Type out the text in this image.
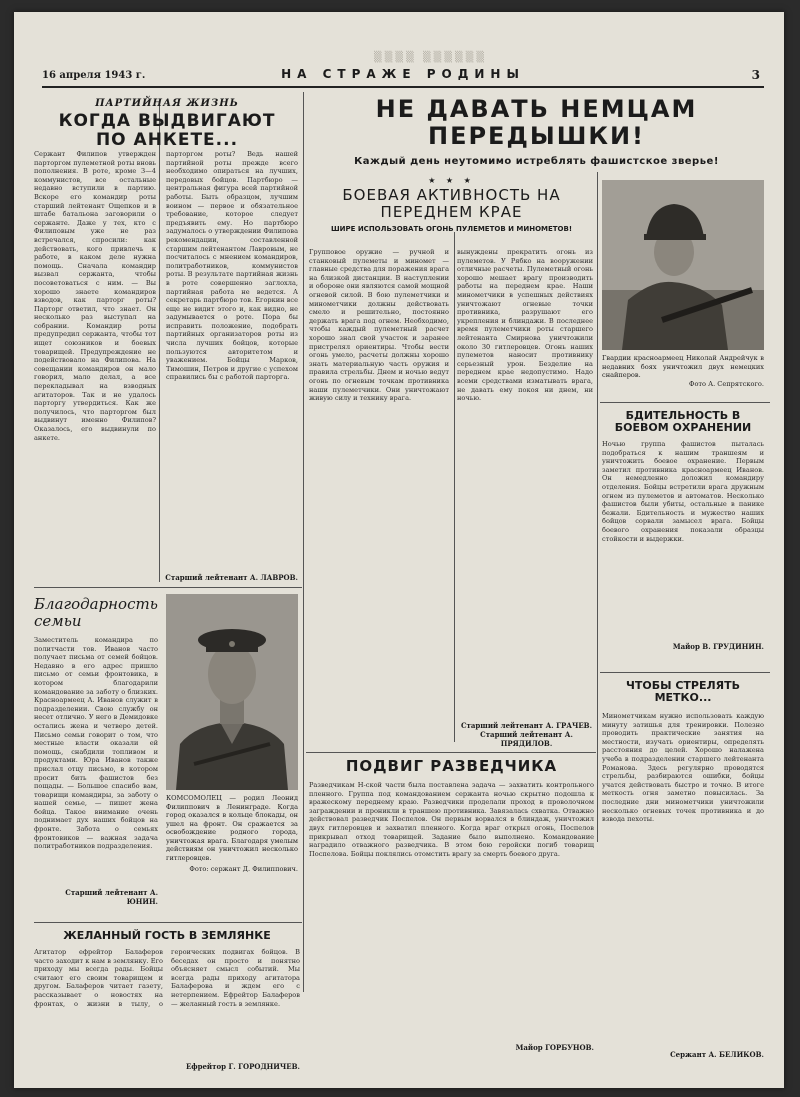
▒▒▒▒ ▒▒▒▒▒▒
16 апреля 1943 г.	НА СТРАЖЕ РОДИНЫ	3
ПАРТИЙНАЯ ЖИЗНЬ
КОГДА ВЫДВИГАЮТ ПО АНКЕТЕ...
Сержант Филипов утвержден парторгом пулеметной роты вновь пополнения. В роте, кроме 3—4 коммунистов, все остальные недавно вступили в партию. Вскоре его командир роты старший лейтенант Ощепков и в штабе батальона заговорили о сержанте. Даже у тех, кто с Филиповым уже не раз встречался, спросили: как действовать, кого привлечь к работе, в каком деле нужна помощь. Сначала командир вызвал сержанта, чтобы посоветоваться с ним. — Вы хорошо знаете командиров взводов, как парторг роты? Парторг ответил, что знает. Он несколько раз выступал на собрании. Командир роты предупредил сержанта, чтобы тот ищет союзников и боевых товарищей. Предупреждение не подействовало на Филипова. На совещании командиров он мало говорил, мало делал, а все перекладывал на взводных агитаторов. Так и не удалось парторгу утвердиться. Как же получилось, что парторгом был выдвинут именно Филипов? Оказалось, его выдвинули по анкете.
парторгом роты? Ведь нашей партийной роты прежде всего необходимо опираться на лучших, передовых бойцов. Партбюро — центральная фигура всей партийной работы. Быть образцом, лучшим воином — первое и обязательное требование, которое следует предъявить ему. Но партбюро задумалось о утверждении Филипова рекомендации, составленной старшим лейтенантом Лавровым, не посчиталось с мнением командиров, политработников, коммунистов роты. В результате партийная жизнь в роте совершенно заглохла, партийная работа не ведется. А секретарь партбюро тов. Егоркин все еще не видит этого и, как видно, не задумывается о роте. Пора бы исправить положение, подобрать партийных организаторов роты из числа лучших бойцов, которые пользуются авторитетом и уважением. Бойцы Марков, Тимошин, Петров и другие с успехом справились бы с работой парторга.
Старший лейтенант А. ЛАВРОВ.
Благодарность семьи
Заместитель командира по политчасти тов. Иванов часто получает письма от семей бойцов. Недавно в его адрес пришло письмо от семьи фронтовика, в котором благодарили командование за заботу о близких. Красноармеец А. Иванов служит в подразделении. Свою службу он несет отлично. У него в Демидовке остались жена и четверо детей. Письмо семьи говорит о том, что местные власти оказали ей помощь, снабдили топливом и продуктами. Юра Иванов также прислал отцу письмо, в котором просит бить фашистов без пощады. — Большое спасибо вам, товарищи командиры, за заботу о нашей семье, — пишет жена бойца. Такое внимание очень поднимает дух наших бойцов на фронте. Забота о семьях фронтовиков — важная задача политработников подразделения.
Старший лейтенант А. ЮНИН.
КОМСОМОЛЕЦ — родил Леонид Филиппович в Ленинграде. Когда город оказался в кольце блокады, он ушел на фронт. Он сражается за освобождение родного города, уничтожая врага. Благодаря умелым действиям он уничтожил несколько гитлеровцев.
Фото: сержант Д. Филиппович.
ЖЕЛАННЫЙ ГОСТЬ В ЗЕМЛЯНКЕ
Агитатор ефрейтор Балаферов часто заходит к нам в землянку. Его приходу мы всегда рады. Бойцы считают его своим товарищем и другом. Балаферов читает газету, рассказывает о новостях на фронтах, о жизни в тылу, о героических подвигах бойцов. В беседах он просто и понятно объясняет смысл событий. Мы всегда рады приходу агитатора Балаферова и ждем его с нетерпением. Ефрейтор Балаферов — желанный гость в землянке.
Ефрейтор Г. ГОРОДНИЧЕВ.
НЕ ДАВАТЬ НЕМЦАМ ПЕРЕДЫШКИ!
Каждый день неутомимо истреблять фашистское зверье!
★ ★ ★
БОЕВАЯ АКТИВНОСТЬ НА ПЕРЕДНЕМ КРАЕ
ШИРЕ ИСПОЛЬЗОВАТЬ ОГОНЬ ПУЛЕМЕТОВ И МИНОМЕТОВ!
Групповое оружие — ручной и станковый пулеметы и миномет — главные средства для поражения врага на близкой дистанции. В наступлении и обороне они являются самой мощной огневой силой. В бою пулеметчики и минометчики должны действовать смело и решительно, постоянно держать врага под огнем. Необходимо, чтобы каждый пулеметный расчет хорошо знал свой участок и заранее пристрелял ориентиры. Чтобы вести огонь умело, расчеты должны хорошо знать материальную часть оружия и правила стрельбы. Днем и ночью ведут огонь по огневым точкам противника наши пулеметчики. Они уничтожают живую силу и технику врага.
вынуждены прекратить огонь из пулеметов. У Рябко на вооружении отличные расчеты. Пулеметный огонь хорошо мешает врагу производить работы на переднем крае. Наши минометчики в успешных действиях уничтожают огневые точки противника, разрушают его укрепления и блиндажи. В последнее время пулеметчики роты старшего лейтенанта Смирнова уничтожили около 30 гитлеровцев. Огонь наших пулеметов наносит противнику серьезный урон. Безделие на переднем крае недопустимо. Надо всеми средствами изматывать врага, не давать ему покоя ни днем, ни ночью.
Старший лейтенант А. ГРАЧЕВ. Старший лейтенант А. ПРЯДИЛОВ.
ПОДВИГ РАЗВЕДЧИКА
Разведчикам Н-ской части была поставлена задача — захватить контрольного пленного. Группа под командованием сержанта ночью скрытно подошла к вражескому переднему краю. Разведчики проделали проход в проволочном заграждении и проникли в траншею противника. Завязалась схватка. Отважно действовал разведчик Поспелов. Он первым ворвался в блиндаж, уничтожил двух гитлеровцев и захватил пленного. Когда враг открыл огонь, Поспелов прикрывал отход товарищей. Задание было выполнено. Командование наградило отважного разведчика. В этом бою геройски погиб товарищ Поспелова. Бойцы поклялись отомстить врагу за смерть боевого друга.
Майор ГОРБУНОВ.
Гвардии красноармеец Николай Андрейчук в недавних боях уничтожил двух немецких снайперов.
Фото А. Сепрятского.
БДИТЕЛЬНОСТЬ В БОЕВОМ ОХРАНЕНИИ
Ночью группа фашистов пыталась подобраться к нашим траншеям и уничтожить боевое охранение. Первым заметил противника красноармеец Иванов. Он немедленно доложил командиру отделения. Бойцы встретили врага дружным огнем из пулеметов и автоматов. Несколько фашистов были убиты, остальные в панике бежали. Бдительность и мужество наших бойцов сорвали замысел врага. Бойцы боевого охранения показали образцы стойкости и выдержки.
Майор В. ГРУДИНИН.
ЧТОБЫ СТРЕЛЯТЬ МЕТКО...
Минометчикам нужно использовать каждую минуту затишья для тренировки. Полезно проводить практические занятия на местности, изучать ориентиры, определять расстояния до целей. Хорошо налажена учеба в подразделении старшего лейтенанта Романова. Здесь регулярно проводятся стрельбы, разбираются ошибки, бойцы учатся действовать быстро и точно. В итоге меткость огня заметно повысилась. За последние дни минометчики уничтожили несколько огневых точек противника и до взвода пехоты.
Сержант А. БЕЛИКОВ.
